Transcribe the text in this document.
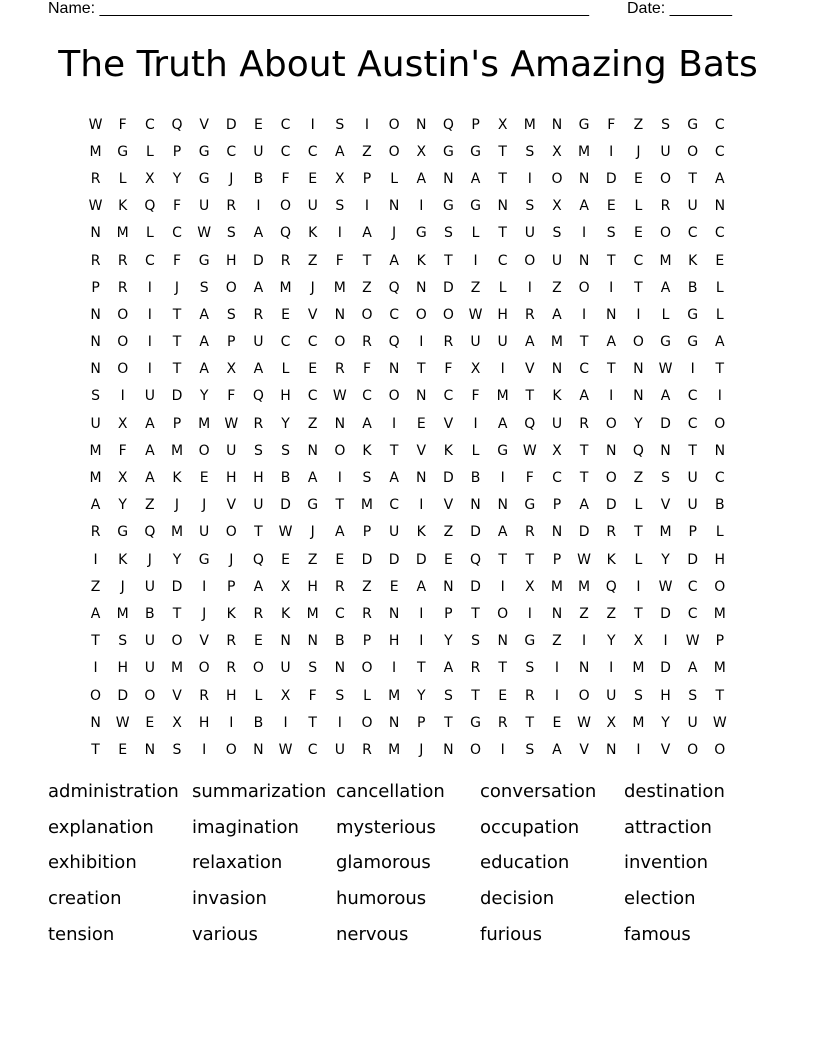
Name: _______________________________________________________ Date: _______
The Truth About Austin's Amazing Bats
W	F	C	Q	V	D	E	C	I	S	I	O	N	Q	P	X	M	N	G	F	Z	S	G	C
M	G	L	P	G	C	U	C	C	A	Z	O	X	G	G	T	S	X	M	I	J	U	O	C
R	L	X	Y	G	J	B	F	E	X	P	L	A	N	A	T	I	O	N	D	E	O	T	A
W	K	Q	F	U	R	I	O	U	S	I	N	I	G	G	N	S	X	A	E	L	R	U	N
N	M	L	C	W	S	A	Q	K	I	A	J	G	S	L	T	U	S	I	S	E	O	C	C
R	R	C	F	G	H	D	R	Z	F	T	A	K	T	I	C	O	U	N	T	C	M	K	E
P	R	I	J	S	O	A	M	J	M	Z	Q	N	D	Z	L	I	Z	O	I	T	A	B	L
N	O	I	T	A	S	R	E	V	N	O	C	O	O	W	H	R	A	I	N	I	L	G	L
N	O	I	T	A	P	U	C	C	O	R	Q	I	R	U	U	A	M	T	A	O	G	G	A
N	O	I	T	A	X	A	L	E	R	F	N	T	F	X	I	V	N	C	T	N	W	I	T
S	I	U	D	Y	F	Q	H	C	W	C	O	N	C	F	M	T	K	A	I	N	A	C	I
U	X	A	P	M	W	R	Y	Z	N	A	I	E	V	I	A	Q	U	R	O	Y	D	C	O
M	F	A	M	O	U	S	S	N	O	K	T	V	K	L	G	W	X	T	N	Q	N	T	N
M	X	A	K	E	H	H	B	A	I	S	A	N	D	B	I	F	C	T	O	Z	S	U	C
A	Y	Z	J	J	V	U	D	G	T	M	C	I	V	N	N	G	P	A	D	L	V	U	B
R	G	Q	M	U	O	T	W	J	A	P	U	K	Z	D	A	R	N	D	R	T	M	P	L
I	K	J	Y	G	J	Q	E	Z	E	D	D	D	E	Q	T	T	P	W	K	L	Y	D	H
Z	J	U	D	I	P	A	X	H	R	Z	E	A	N	D	I	X	M	M	Q	I	W	C	O
A	M	B	T	J	K	R	K	M	C	R	N	I	P	T	O	I	N	Z	Z	T	D	C	M
T	S	U	O	V	R	E	N	N	B	P	H	I	Y	S	N	G	Z	I	Y	X	I	W	P
I	H	U	M	O	R	O	U	S	N	O	I	T	A	R	T	S	I	N	I	M	D	A	M
O	D	O	V	R	H	L	X	F	S	L	M	Y	S	T	E	R	I	O	U	S	H	S	T
N	W	E	X	H	I	B	I	T	I	O	N	P	T	G	R	T	E	W	X	M	Y	U	W
T	E	N	S	I	O	N	W	C	U	R	M	J	N	O	I	S	A	V	N	I	V	O	O
administration summarization cancellation	conversation	destination
explanation	imagination	mysterious	occupation	attraction
exhibition	relaxation	glamorous	education	invention
creation	invasion	humorous	decision	election
tension	various	nervous	furious	famous
